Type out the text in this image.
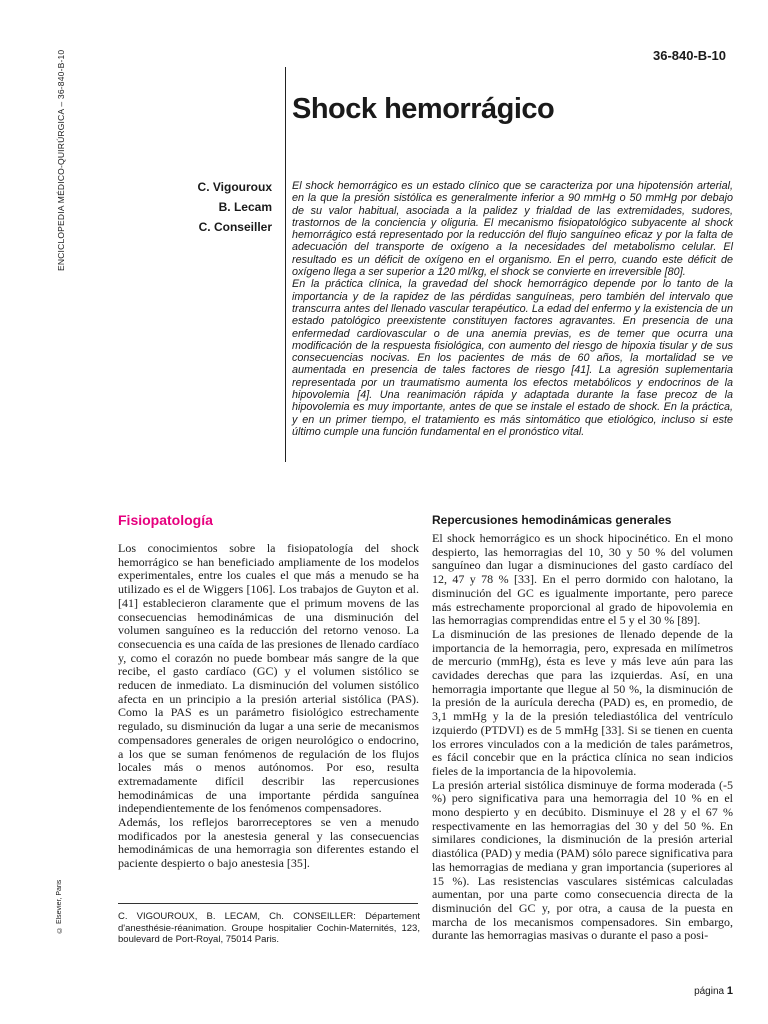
36-840-B-10
ENCICLOPEDIA MÉDICO-QUIRÚRGICA – 36-840-B-10
© Elsevier, Paris
Shock hemorrágico
C. Vigouroux
B. Lecam
C. Conseiller

El shock hemorrágico es un estado clínico que se caracteriza por una hipotensión arterial, en la que la presión sistólica es generalmente inferior a 90 mmHg o 50 mmHg por debajo de su valor habitual, asociada a la palidez y frialdad de las extremidades, sudores, trastornos de la conciencia y oliguria. El mecanismo fisiopatológico subyacente al shock hemorrágico está representado por la reducción del flujo sanguíneo eficaz y por la falta de adecuación del transporte de oxígeno a la necesidades del metabolismo celular. El resultado es un déficit de oxígeno en el organismo. En el perro, cuando este déficit de oxígeno llega a ser superior a 120 ml/kg, el shock se convierte en irreversible [80].

En la práctica clínica, la gravedad del shock hemorrágico depende por lo tanto de la importancia y de la rapidez de las pérdidas sanguíneas, pero también del intervalo que transcurra antes del llenado vascular terapéutico. La edad del enfermo y la existencia de un estado patológico preexistente constituyen factores agravantes. En presencia de una enfermedad cardiovascular o de una anemia previas, es de temer que ocurra una modificación de la respuesta fisiológica, con aumento del riesgo de hipoxia tisular y de sus consecuencias nocivas. En los pacientes de más de 60 años, la mortalidad se ve aumentada en presencia de tales factores de riesgo [41]. La agresión suplementaria representada por un traumatismo aumenta los efectos metabólicos y endocrinos de la hipovolemia [4]. Una reanimación rápida y adaptada durante la fase precoz de la hipovolemia es muy importante, antes de que se instale el estado de shock. En la práctica, y en un primer tiempo, el tratamiento es más sintomático que etiológico, incluso si este último cumple una función fundamental en el pronóstico vital.

Fisiopatología

Los conocimientos sobre la fisiopatología del shock hemorrágico se han beneficiado ampliamente de los modelos experimentales, entre los cuales el que más a menudo se ha utilizado es el de Wiggers [106]. Los trabajos de Guyton et al. [41] establecieron claramente que el primum movens de las consecuencias hemodinámicas de una disminución del volumen sanguíneo es la reducción del retorno venoso. La consecuencia es una caída de las presiones de llenado cardíaco y, como el corazón no puede bombear más sangre de la que recibe, el gasto cardíaco (GC) y el volumen sistólico se reducen de inmediato. La disminución del volumen sistólico afecta en un principio a la presión arterial sistólica (PAS). Como la PAS es un parámetro fisiológico estrechamente regulado, su disminución da lugar a una serie de mecanismos compensadores generales de origen neurológico o endocrino, a los que se suman fenómenos de regulación de los flujos locales más o menos autónomos. Por eso, resulta extremadamente difícil describir las repercusiones hemodinámicas de una importante pérdida sanguínea independientemente de los fenómenos compensadores.

Además, los reflejos barorreceptores se ven a menudo modificados por la anestesia general y las consecuencias hemodinámicas de una hemorragia son diferentes estando el paciente despierto o bajo anestesia [35].

Repercusiones hemodinámicas generales

El shock hemorrágico es un shock hipocinético. En el mono despierto, las hemorragias del 10, 30 y 50 % del volumen sanguíneo dan lugar a disminuciones del gasto cardíaco del 12, 47 y 78 % [33]. En el perro dormido con halotano, la disminución del GC es igualmente importante, pero parece más estrechamente proporcional al grado de hipovolemia en las hemorragias comprendidas entre el 5 y el 30 % [89].

La disminución de las presiones de llenado depende de la importancia de la hemorragia, pero, expresada en milímetros de mercurio (mmHg), ésta es leve y más leve aún para las cavidades derechas que para las izquierdas. Así, en una hemorragia importante que llegue al 50 %, la disminución de la presión de la aurícula derecha (PAD) es, en promedio, de 3,1 mmHg y la de la presión telediastólica del ventrículo izquierdo (PTDVI) es de 5 mmHg [33]. Si se tienen en cuenta los errores vinculados con a la medición de tales parámetros, es fácil concebir que en la práctica clínica no sean indicios fieles de la importancia de la hipovolemia.

La presión arterial sistólica disminuye de forma moderada (-5 %) pero significativa para una hemorragia del 10 % en el mono despierto y en decúbito. Disminuye el 28 y el 67 % respectivamente en las hemorragias del 30 y del 50 %. En similares condiciones, la disminución de la presión arterial diastólica (PAD) y media (PAM) sólo parece significativa para las hemorragias de mediana y gran importancia (superiores al 15 %). Las resistencias vasculares sistémicas calculadas aumentan, por una parte como consecuencia directa de la disminución del GC y, por otra, a causa de la puesta en marcha de los mecanismos compensadores. Sin embargo, durante las hemorragias masivas o durante el paso a posi-

C. VIGOUROUX, B. LECAM, Ch. CONSEILLER: Département d'anesthésie-réanimation. Groupe hospitalier Cochin-Maternités, 123, boulevard de Port-Royal, 75014 Paris.
página 1
